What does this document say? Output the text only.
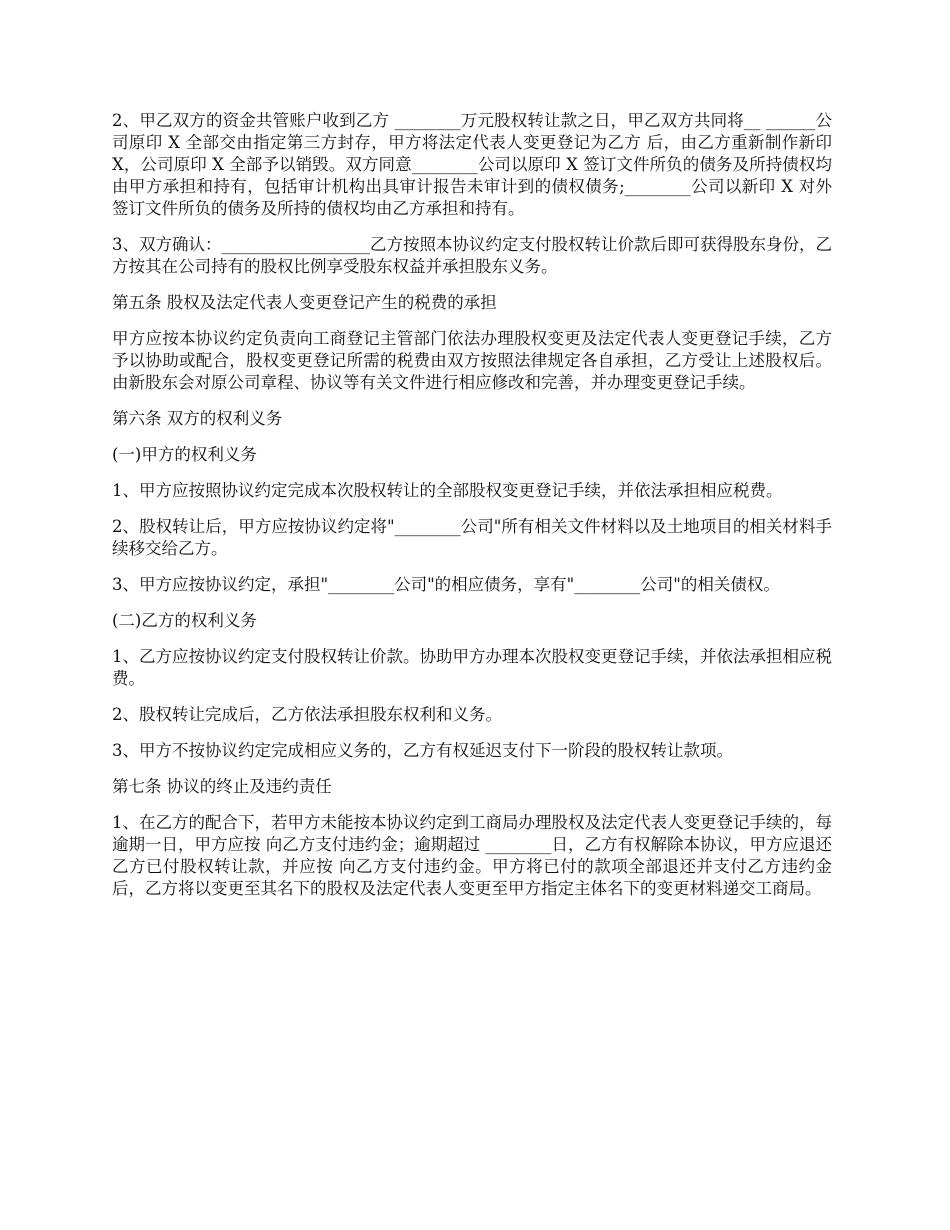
2、甲乙双方的资金共管账户收到乙方 ________万元股权转让款之日，甲乙双方共同将__ ______公司原印 X 全部交由指定第三方封存，甲方将法定代表人变更登记为乙方 后，由乙方重新制作新印 X，公司原印 X 全部予以销毁。双方同意________公司以原印 X 签订文件所负的债务及所持债权均由甲方承担和持有，包括审计机构出具审计报告未审计到的债权债务;________公司以新印 X 对外签订文件所负的债务及所持的债权均由乙方承担和持有。

3、双方确认：__________________乙方按照本协议约定支付股权转让价款后即可获得股东身份，乙方按其在公司持有的股权比例享受股东权益并承担股东义务。

第五条 股权及法定代表人变更登记产生的税费的承担

甲方应按本协议约定负责向工商登记主管部门依法办理股权变更及法定代表人变更登记手续，乙方予以协助或配合，股权变更登记所需的税费由双方按照法律规定各自承担，乙方受让上述股权后。由新股东会对原公司章程、协议等有关文件进行相应修改和完善，并办理变更登记手续。

第六条 双方的权利义务

(一)甲方的权利义务

1、甲方应按照协议约定完成本次股权转让的全部股权变更登记手续，并依法承担相应税费。

2、股权转让后，甲方应按协议约定将"________公司"所有相关文件材料以及土地项目的相关材料手续移交给乙方。

3、甲方应按协议约定，承担"________公司"的相应债务，享有"________公司"的相关债权。

(二)乙方的权利义务

1、乙方应按协议约定支付股权转让价款。协助甲方办理本次股权变更登记手续，并依法承担相应税费。

2、股权转让完成后，乙方依法承担股东权利和义务。

3、甲方不按协议约定完成相应义务的，乙方有权延迟支付下一阶段的股权转让款项。

第七条 协议的终止及违约责任

1、在乙方的配合下，若甲方未能按本协议约定到工商局办理股权及法定代表人变更登记手续的，每逾期一日，甲方应按 向乙方支付违约金；逾期超过 ________日，乙方有权解除本协议，甲方应退还乙方已付股权转让款，并应按 向乙方支付违约金。甲方将已付的款项全部退还并支付乙方违约金后，乙方将以变更至其名下的股权及法定代表人变更至甲方指定主体名下的变更材料递交工商局。
